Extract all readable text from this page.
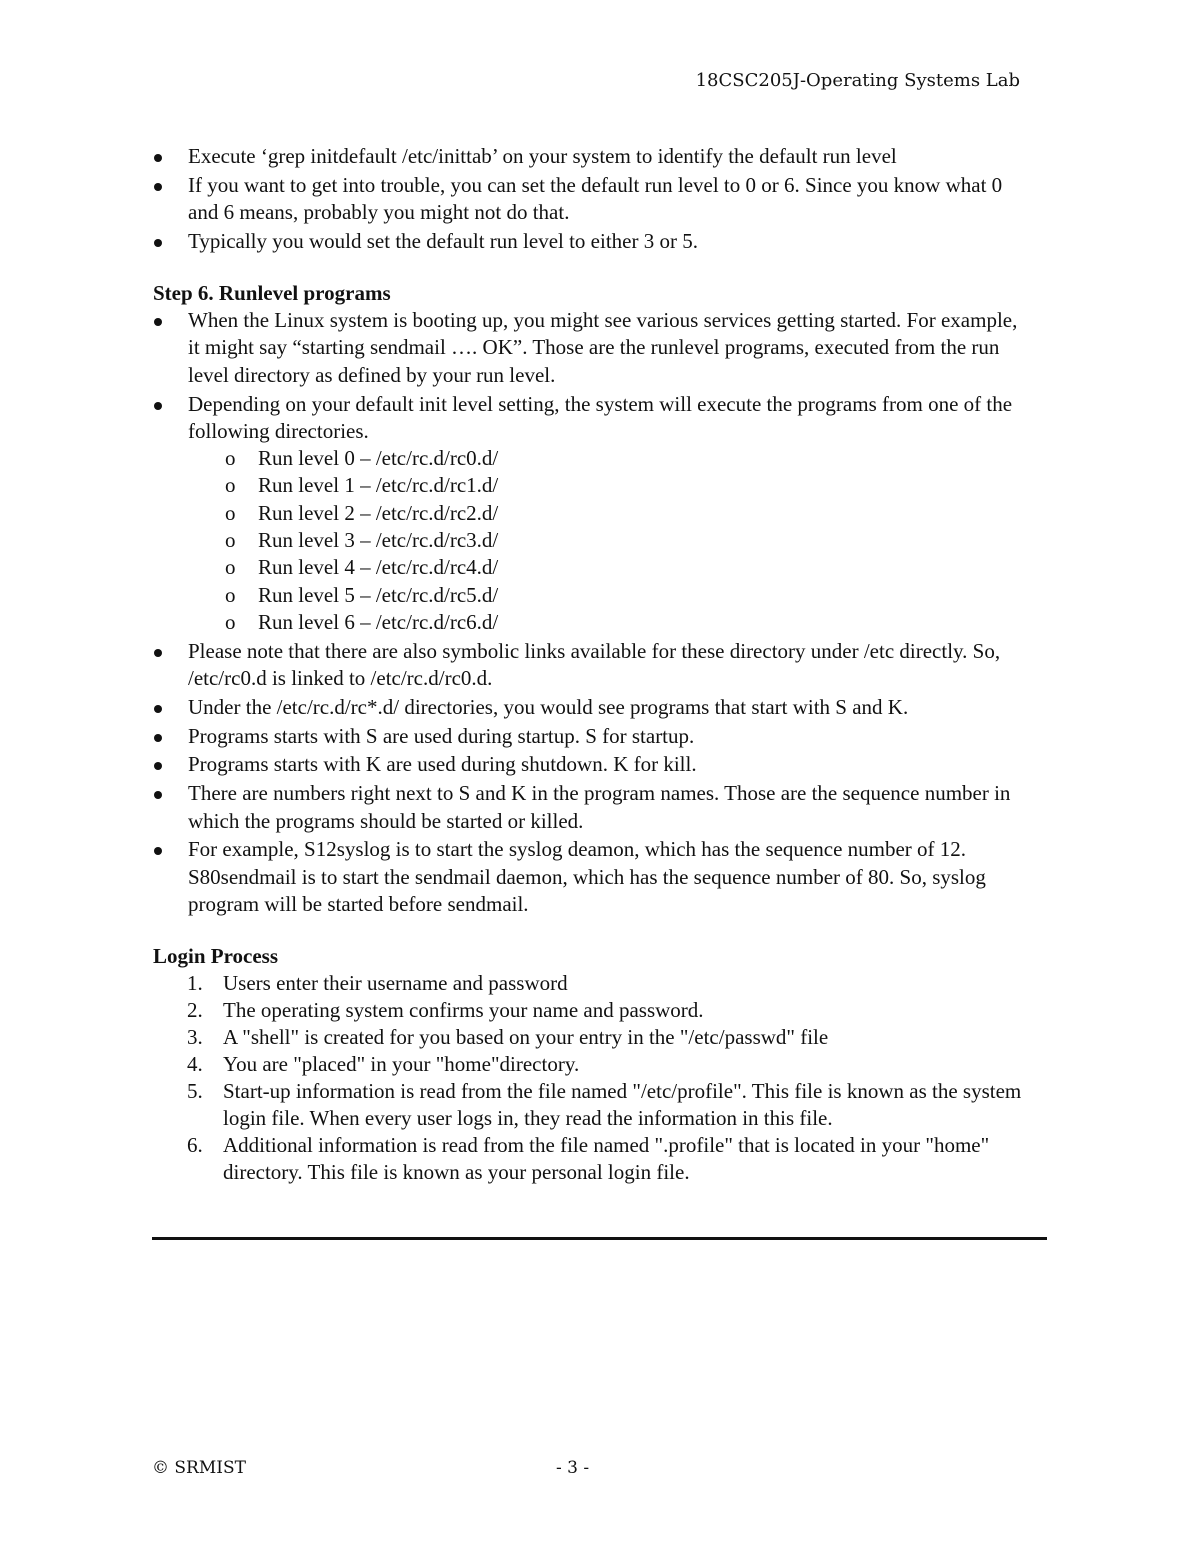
18CSC205J-Operating Systems Lab
Execute ‘grep initdefault /etc/inittab’ on your system to identify the default run level
If you want to get into trouble, you can set the default run level to 0 or 6. Since you know what 0 and 6 means, probably you might not do that.
Typically you would set the default run level to either 3 or 5.
Step 6. Runlevel programs
When the Linux system is booting up, you might see various services getting started. For example, it might say “starting sendmail …. OK”. Those are the runlevel programs, executed from the run level directory as defined by your run level.
Depending on your default init level setting, the system will execute the programs from one of the following directories.
o Run level 0 – /etc/rc.d/rc0.d/
o Run level 1 – /etc/rc.d/rc1.d/
o Run level 2 – /etc/rc.d/rc2.d/
o Run level 3 – /etc/rc.d/rc3.d/
o Run level 4 – /etc/rc.d/rc4.d/
o Run level 5 – /etc/rc.d/rc5.d/
o Run level 6 – /etc/rc.d/rc6.d/
Please note that there are also symbolic links available for these directory under /etc directly. So, /etc/rc0.d is linked to /etc/rc.d/rc0.d.
Under the /etc/rc.d/rc*.d/ directories, you would see programs that start with S and K.
Programs starts with S are used during startup. S for startup.
Programs starts with K are used during shutdown. K for kill.
There are numbers right next to S and K in the program names. Those are the sequence number in which the programs should be started or killed.
For example, S12syslog is to start the syslog deamon, which has the sequence number of 12. S80sendmail is to start the sendmail daemon, which has the sequence number of 80. So, syslog program will be started before sendmail.
Login Process
1. Users enter their username and password
2. The operating system confirms your name and password.
3. A "shell" is created for you based on your entry in the "/etc/passwd" file
4. You are "placed" in your "home"directory.
5. Start-up information is read from the file named "/etc/profile". This file is known as the system login file. When every user logs in, they read the information in this file.
6. Additional information is read from the file named ".profile" that is located in your "home" directory. This file is known as your personal login file.
© SRMIST	- 3 -
